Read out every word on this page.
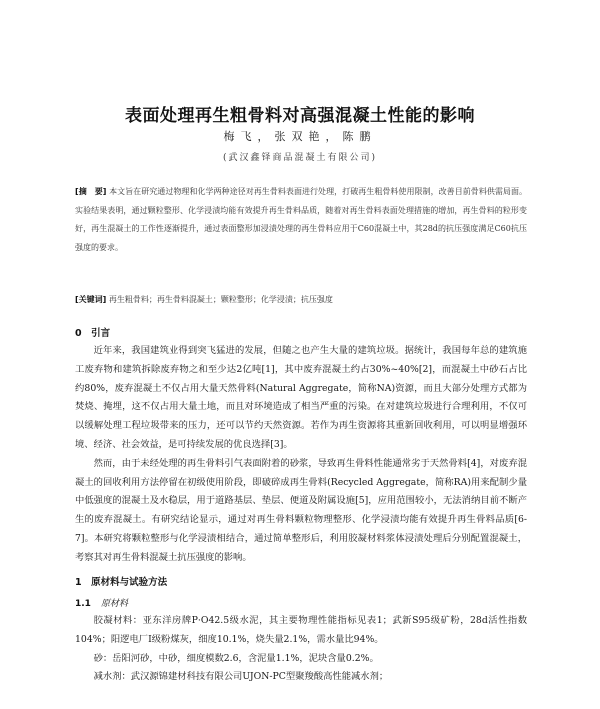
表面处理再生粗骨料对高强混凝土性能的影响
梅飞，张双艳，陈鹏
(武汉鑫铎商品混凝土有限公司)
[摘　要] 本文旨在研究通过物理和化学两种途径对再生骨料表面进行处理，打破再生粗骨料使用限制，改善目前骨料供需局面。实验结果表明，通过颗粒整形、化学浸渍均能有效提升再生骨料品质，随着对再生骨料表面处理措施的增加，再生骨料的粒形变好，再生混凝土的工作性逐渐提升，通过表面整形加浸渍处理的再生骨料应用于C60混凝土中，其28d的抗压强度满足C60抗压强度的要求。
[关键词] 再生粗骨料；再生骨料混凝土；颗粒整形；化学浸渍；抗压强度
0　引言

近年来，我国建筑业得到突飞猛进的发展，但随之也产生大量的建筑垃圾。据统计，我国每年总的建筑施工废弃物和建筑拆除废弃物之和至少达2亿吨[1]，其中废弃混凝土约占30%~40%[2]，而混凝土中砂石占比约80%，废弃混凝土不仅占用大量天然骨料(Natural Aggregate，简称NA)资源，而且大部分处理方式都为焚烧、掩埋，这不仅占用大量土地，而且对环境造成了相当严重的污染。在对建筑垃圾进行合理利用，不仅可以缓解处理工程垃圾带来的压力，还可以节约天然资源。若作为再生资源将其重新回收利用，可以明显增强环境、经济、社会效益，是可持续发展的优良选择[3]。

然而，由于未经处理的再生骨料引气表面附着的砂浆，导致再生骨料性能通常劣于天然骨料[4]，对废弃混凝土的回收利用方法停留在初级使用阶段，即破碎成再生骨料(Recycled Aggregate，简称RA)用来配制少量中低强度的混凝土及水稳层，用于道路基层、垫层、便道及附属设施[5]，应用范围较小，无法消纳目前不断产生的废弃混凝土。有研究结论显示，通过对再生骨料颗粒物理整形、化学浸渍均能有效提升再生骨料品质[6-7]。本研究将颗粒整形与化学浸渍相结合，通过简单整形后，利用胶凝材料浆体浸渍处理后分别配置混凝土，考察其对再生骨料混凝土抗压强度的影响。

1　原材料与试验方法
1.1 原材料

胶凝材料：亚东洋房牌P·O42.5级水泥，其主要物理性能指标见表1；武新S95级矿粉，28d活性指数104%；阳逻电厂Ⅰ级粉煤灰，细度10.1%，烧失量2.1%，需水量比94%。

砂：岳阳河砂，中砂，细度模数2.6，含泥量1.1%，泥块含量0.2%。

减水剂：武汉源锦建材科技有限公司UJON-PC型聚羧酸高性能减水剂；
